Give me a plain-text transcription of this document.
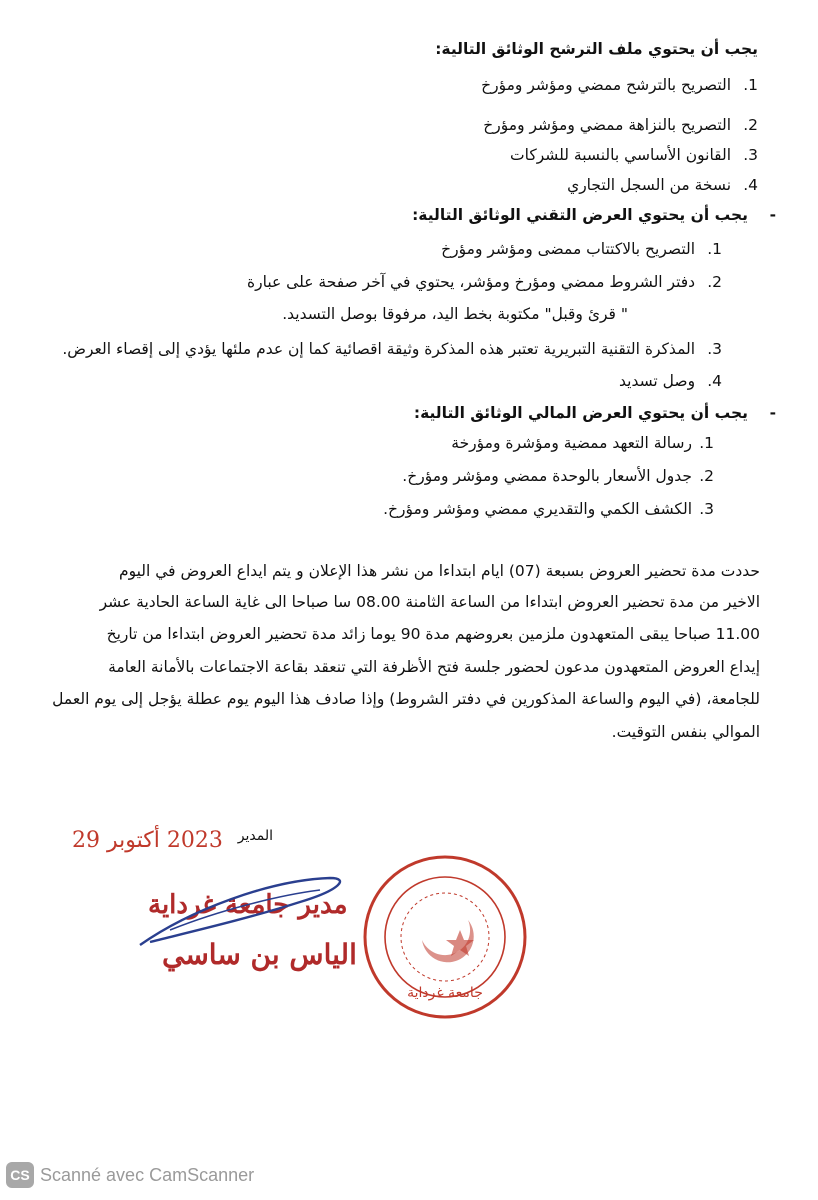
يجب أن يحتوي ملف الترشح الوثائق التالية:
1. التصريح بالترشح ممضي ومؤشر ومؤرخ
2. التصريح بالنزاهة ممضي ومؤشر ومؤرخ
3. القانون الأساسي بالنسبة للشركات
4. نسخة من السجل التجاري
-    يجب أن يحتوي العرض التقني الوثائق التالية:
1. التصريح بالاكتتاب ممضى ومؤشر ومؤرخ
2. دفتر الشروط ممضي ومؤرخ ومؤشر، يحتوي في آخر صفحة على عبارة
" قرئ وقبل" مكتوبة بخط اليد، مرفوقا بوصل التسديد.
3. المذكرة التقنية التبريرية تعتبر هذه المذكرة وثيقة اقصائية كما إن عدم ملئها يؤدي إلى إقصاء العرض.
4. وصل تسديد
-    يجب أن يحتوي العرض المالي الوثائق التالية:
1.رسالة التعهد ممضية ومؤشرة ومؤرخة
2.جدول الأسعار بالوحدة ممضي ومؤشر ومؤرخ.
3.الكشف الكمي والتقديري ممضي ومؤشر ومؤرخ.
حددت مدة تحضير العروض بسبعة (07) ايام ابتداءا من نشر هذا الإعلان و يتم ايداع العروض في اليوم
الاخير من مدة تحضير العروض ابتداءا من الساعة الثامنة 08.00 سا صباحا الى غاية الساعة الحادية عشر
11.00 صباحا يبقى المتعهدون ملزمين بعروضهم مدة 90 يوما زائد مدة تحضير العروض ابتداءا من تاريخ
إيداع العروض المتعهدون مدعون لحضور جلسة فتح الأظرفة التي تنعقد بقاعة الاجتماعات بالأمانة العامة
للجامعة، (في اليوم والساعة المذكورين في دفتر الشروط) وإذا صادف هذا اليوم يوم عطلة يؤجل إلى يوم العمل
الموالي بنفس التوقيت.
المدير
2023 أكتوبر 29
مدير جامعة غرداية
الياس بن ساسي
جامعة غرداية
CS Scanné avec CamScanner
